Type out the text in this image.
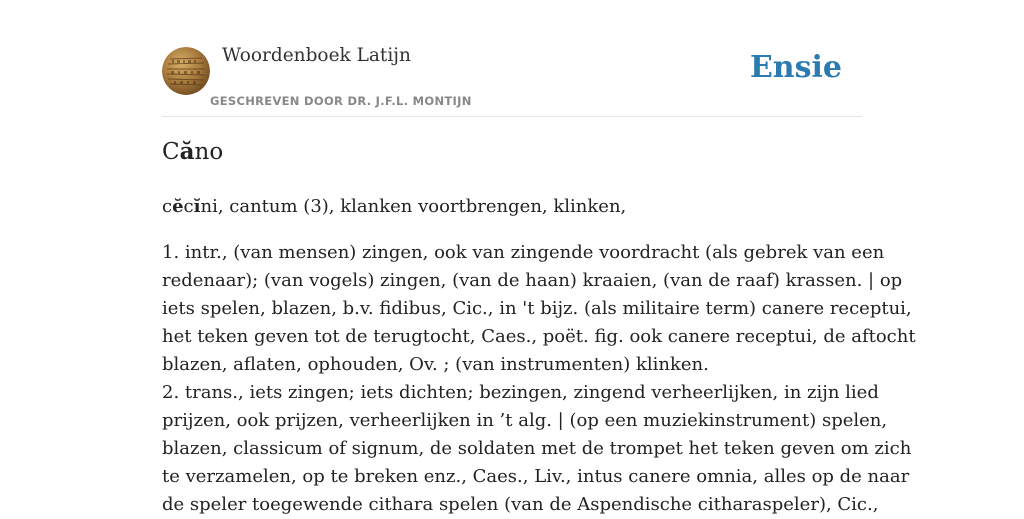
Woordenboek Latijn
GESCHREVEN DOOR DR. J.F.L. MONTIJN
Ensie
Căno

cĕcĭni, cantum (3), klanken voortbrengen, klinken,

1. intr., (van mensen) zingen, ook van zingende voordracht (als gebrek van een
redenaar); (van vogels) zingen, (van de haan) kraaien, (van de raaf) krassen. | op
iets spelen, blazen, b.v. fidibus, Cic., in 't bijz. (als militaire term) canere receptui,
het teken geven tot de terugtocht, Caes., poët. fig. ook canere receptui, de aftocht
blazen, aflaten, ophouden, Ov. ; (van instrumenten) klinken.
2. trans., iets zingen; iets dichten; bezingen, zingend verheerlijken, in zijn lied
prijzen, ook prijzen, verheerlijken in ’t alg. | (op een muziekinstrument) spelen,
blazen, classicum of signum, de soldaten met de trompet het teken geven om zich
te verzamelen, op te breken enz., Caes., Liv., intus canere omnia, alles op de naar
de speler toegewende cithara spelen (van de Aspendische citharaspeler), Cic.,
